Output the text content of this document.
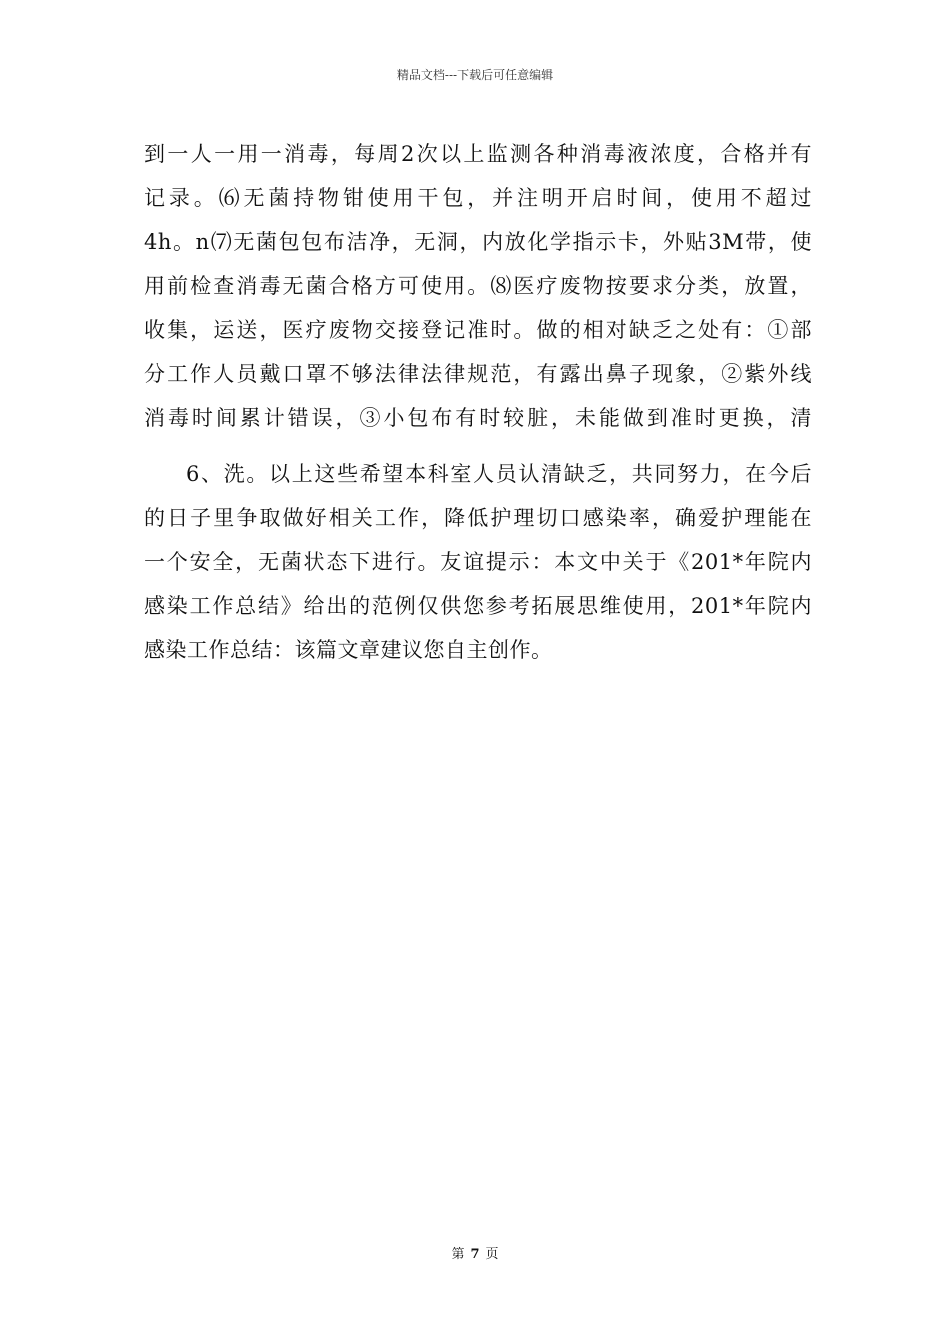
精品文档---下载后可任意编辑
到一人一用一消毒，每周2次以上监测各种消毒液浓度，合格并有
记录。⑹无菌持物钳使用干包，并注明开启时间，使用不超过
4h。n⑺无菌包包布洁净，无洞，内放化学指示卡，外贴3M带，使
用前检查消毒无菌合格方可使用。⑻医疗废物按要求分类，放置，
收集，运送，医疗废物交接登记准时。做的相对缺乏之处有：①部
分工作人员戴口罩不够法律法律规范，有露出鼻子现象，②紫外线
消毒时间累计错误，③小包布有时较脏，未能做到准时更换，清
6、洗。以上这些希望本科室人员认清缺乏，共同努力，在今后
的日子里争取做好相关工作，降低护理切口感染率，确爱护理能在
一个安全，无菌状态下进行。友谊提示：本文中关于《201*年院内
感染工作总结》给出的范例仅供您参考拓展思维使用，201*年院内
感染工作总结：该篇文章建议您自主创作。
第 7 页
